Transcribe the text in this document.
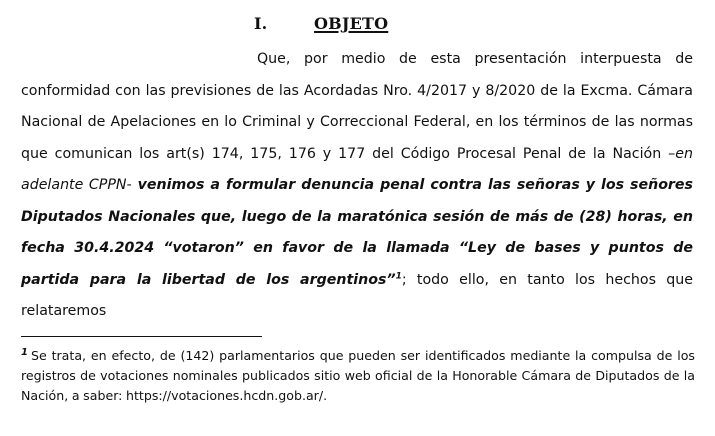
I.	OBJETO
Que, por medio de esta presentación interpuesta de conformidad con las previsiones de las Acordadas Nro. 4/2017 y 8/2020 de la Excma. Cámara Nacional de Apelaciones en lo Criminal y Correccional Federal, en los términos de las normas que comunican los art(s) 174, 175, 176 y 177 del Código Procesal Penal de la Nación –en adelante CPPN- venimos a formular denuncia penal contra las señoras y los señores Diputados Nacionales que, luego de la maratónica sesión de más de (28) horas, en fecha 30.4.2024 “votaron” en favor de la llamada “Ley de bases y puntos de partida para la libertad de los argentinos”$^1$; todo ello, en tanto los hechos que relataremos
$^1$ Se trata, en efecto, de (142) parlamentarios que pueden ser identificados mediante la compulsa de los registros de votaciones nominales publicados sitio web oficial de la Honorable Cámara de Diputados de la Nación, a saber: https://votaciones.hcdn.gob.ar/.
